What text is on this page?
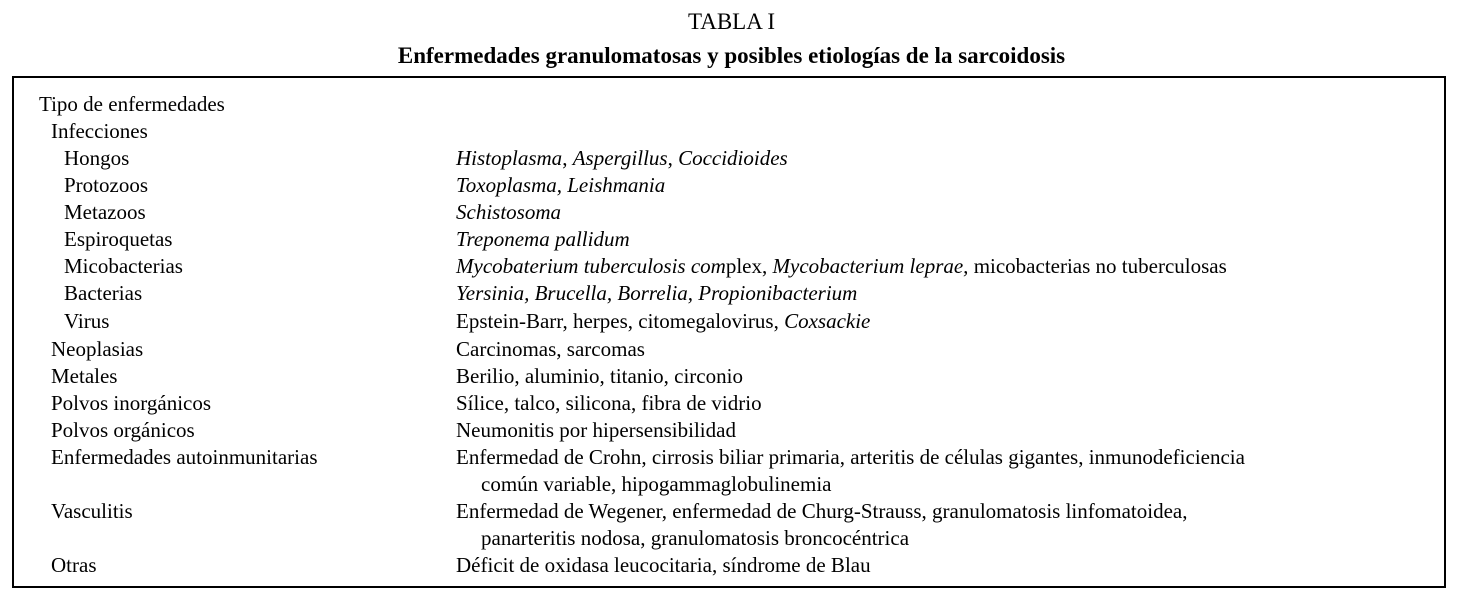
TABLA I
Enfermedades granulomatosas y posibles etiologías de la sarcoidosis
Tipo de enfermedades
Infecciones
Hongos	Histoplasma, Aspergillus, Coccidioides
Protozoos	Toxoplasma, Leishmania
Metazoos	Schistosoma
Espiroquetas	Treponema pallidum
Micobacterias	Mycobaterium tuberculosis complex, Mycobacterium leprae, micobacterias no tuberculosas
Bacterias	Yersinia, Brucella, Borrelia, Propionibacterium
Virus	Epstein-Barr, herpes, citomegalovirus, Coxsackie
Neoplasias	Carcinomas, sarcomas
Metales	Berilio, aluminio, titanio, circonio
Polvos inorgánicos	Sílice, talco, silicona, fibra de vidrio
Polvos orgánicos	Neumonitis por hipersensibilidad
Enfermedades autoinmunitarias	Enfermedad de Crohn, cirrosis biliar primaria, arteritis de células gigantes, inmunodeficiencia
común variable, hipogammaglobulinemia
Vasculitis	Enfermedad de Wegener, enfermedad de Churg-Strauss, granulomatosis linfomatoidea,
panarteritis nodosa, granulomatosis broncocéntrica
Otras	Déficit de oxidasa leucocitaria, síndrome de Blau
